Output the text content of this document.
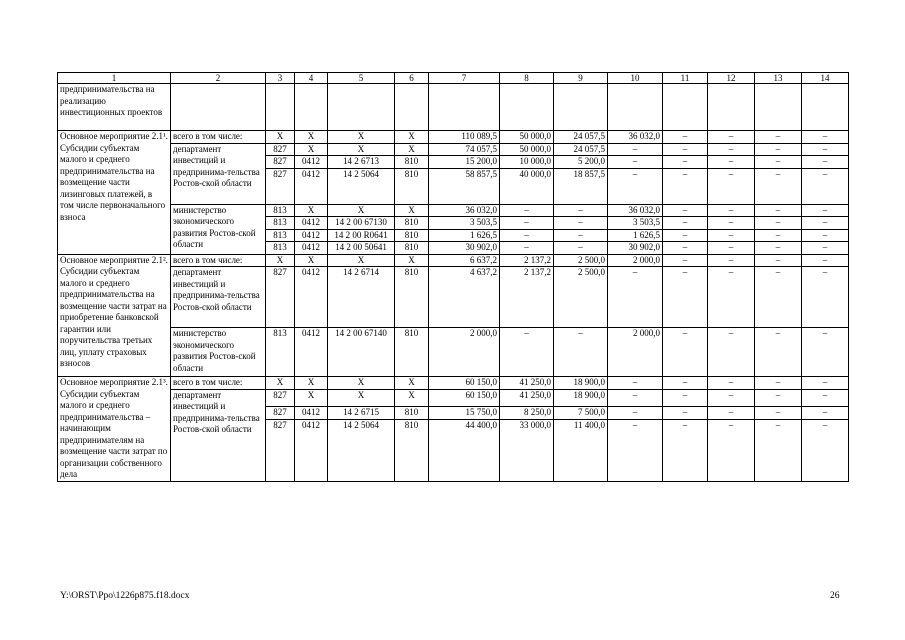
1	2	3	4	5	6	7	8	9	10	11	12	13	14
предпринимательства на реализацию инвестиционных проектов													
Основное мероприятие 2.1¹. Субсидии субъектам малого и среднего предпринимательства на возмещение части лизинговых платежей, в том числе первоначального взноса	всего в том числе:	Х	Х	Х	Х	110 089,5	50 000,0	24 057,5	36 032,0	–	–	–	–
	департамент инвестиций и предпринима-тельства Ростов-ской области	827	Х	Х	Х	74 057,5	50 000,0	24 057,5	–	–	–	–	–
		827	0412	14 2 6713	810	15 200,0	10 000,0	5 200,0	–	–	–	–	–
		827	0412	14 2 5064	810	58 857,5	40 000,0	18 857,5	–	–	–	–	–
	министерство экономического развития Ростов-ской области	813	Х	Х	Х	36 032,0	–	–	36 032,0	–	–	–	–
		813	0412	14 2 00 67130	810	3 503,5	–	–	3 503,5	–	–	–	–
		813	0412	14 2 00 R0641	810	1 626,5	–	–	1 626,5	–	–	–	–
		813	0412	14 2 00 50641	810	30 902,0	–	–	30 902,0	–	–	–	–
Основное мероприятие 2.1². Субсидии субъектам малого и среднего предпринимательства на возмещение части затрат на приобретение банковской гарантии или поручительства третьих лиц, уплату страховых взносов	всего в том числе:	Х	Х	Х	Х	6 637,2	2 137,2	2 500,0	2 000,0	–	–	–	–
	департамент инвестиций и предпринима-тельства Ростов-ской области	827	0412	14 2 6714	810	4 637,2	2 137,2	2 500,0	–	–	–	–	–
	министерство экономического развития Ростов-ской области	813	0412	14 2 00 67140	810	2 000,0	–	–	2 000,0	–	–	–	–
Основное мероприятие 2.1³. Субсидии субъектам малого и среднего предпринимательства – начинающим предпринимателям на возмещение части затрат по организации собственного дела	всего в том числе:	Х	Х	Х	Х	60 150,0	41 250,0	18 900,0	–	–	–	–	–
	департамент инвестиций и предпринима-тельства Ростов-ской области	827	Х	Х	Х	60 150,0	41 250,0	18 900,0	–	–	–	–	–
		827	0412	14 2 6715	810	15 750,0	8 250,0	7 500,0	–	–	–	–	–
		827	0412	14 2 5064	810	44 400,0	33 000,0	11 400,0	–	–	–	–	–
Y:\ORST\Ppo\1226p875.f18.docx	26
